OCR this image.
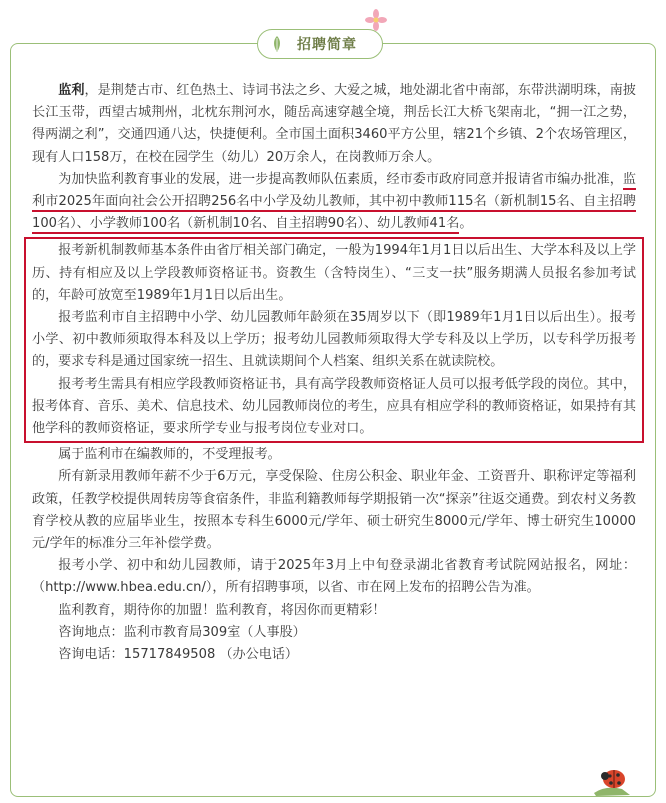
招聘简章

监利，是荆楚古市、红色热土、诗词书法之乡、大爱之城，地处湖北省中南部，东带洪湖明珠，南披长江玉带，西望古城荆州，北枕东荆河水，随岳高速穿越全境，荆岳长江大桥飞架南北，“拥一江之势，得两湖之利”，交通四通八达，快捷便利。全市国土面积3460平方公里，辖21个乡镇、2个农场管理区，现有人口158万，在校在园学生（幼儿）20万余人，在岗教师万余人。

为加快监利教育事业的发展，进一步提高教师队伍素质，经市委市政府同意并报请省市编办批准，监利市2025年面向社会公开招聘256名中小学及幼儿教师，其中初中教师115名（新机制15名、自主招聘100名）、小学教师100名（新机制10名、自主招聘90名）、幼儿教师41名。

报考新机制教师基本条件由省厅相关部门确定，一般为1994年1月1日以后出生、大学本科及以上学历、持有相应及以上学段教师资格证书。资教生（含特岗生）、“三支一扶”服务期满人员报名参加考试的，年龄可放宽至1989年1月1日以后出生。

报考监利市自主招聘中小学、幼儿园教师年龄须在35周岁以下（即1989年1月1日以后出生）。报考小学、初中教师须取得本科及以上学历；报考幼儿园教师须取得大学专科及以上学历，以专科学历报考的，要求专科是通过国家统一招生、且就读期间个人档案、组织关系在就读院校。

报考考生需具有相应学段教师资格证书，具有高学段教师资格证人员可以报考低学段的岗位。其中，报考体育、音乐、美术、信息技术、幼儿园教师岗位的考生，应具有相应学科的教师资格证，如果持有其他学科的教师资格证，要求所学专业与报考岗位专业对口。

属于监利市在编教师的，不受理报考。

所有新录用教师年薪不少于6万元，享受保险、住房公积金、职业年金、工资晋升、职称评定等福利政策，任教学校提供周转房等食宿条件，非监利籍教师每学期报销一次“探亲”往返交通费。到农村义务教育学校从教的应届毕业生，按照本专科生6000元/学年、硕士研究生8000元/学年、博士研究生10000元/学年的标准分三年补偿学费。

报考小学、初中和幼儿园教师，请于2025年3月上中旬登录湖北省教育考试院网站报名，网址：（http://www.hbea.edu.cn/），所有招聘事项，以省、市在网上发布的招聘公告为准。

监利教育，期待你的加盟！监利教育，将因你而更精彩！

咨询地点：监利市教育局309室（人事股）

咨询电话：15717849508 （办公电话）
